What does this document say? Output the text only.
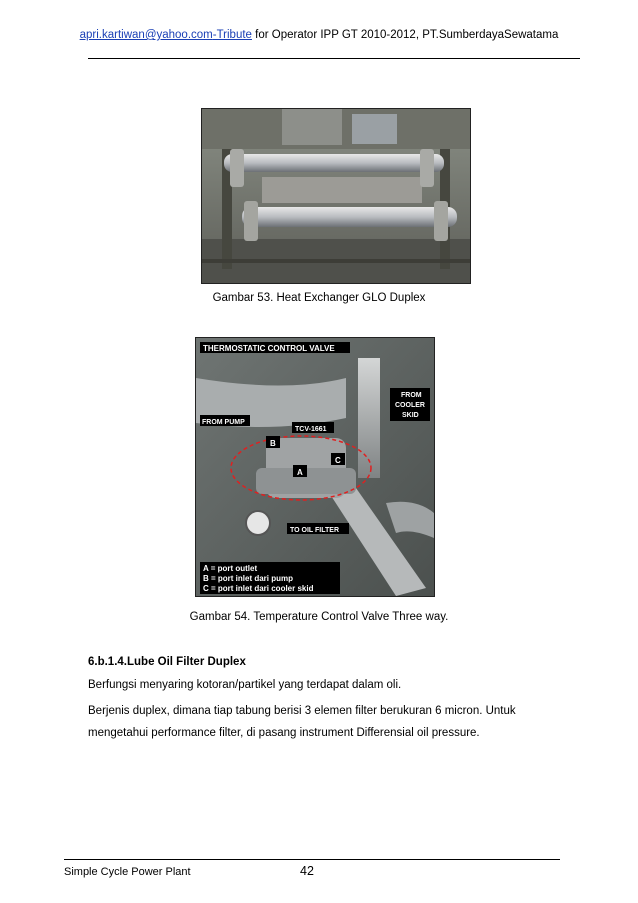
apri.kartiwan@yahoo.com-Tribute for Operator IPP GT 2010-2012, PT.SumberdayaSewatama
Gambar 53. Heat Exchanger GLO Duplex
THERMOSTATIC CONTROL VALVE
FROM PUMP
FROM
COOLER
SKID
TCV-1661
B
C
A
TO OIL FILTER
A = port outlet
B = port inlet dari pump
C = port inlet dari cooler skid
Gambar 54. Temperature Control Valve Three way.
6.b.1.4.Lube Oil Filter Duplex
Berfungsi menyaring kotoran/partikel yang terdapat dalam oli.
Berjenis duplex, dimana tiap tabung berisi 3 elemen filter berukuran 6 micron. Untuk mengetahui performance filter, di pasang instrument Differensial oil pressure.
Simple Cycle Power Plant	42
